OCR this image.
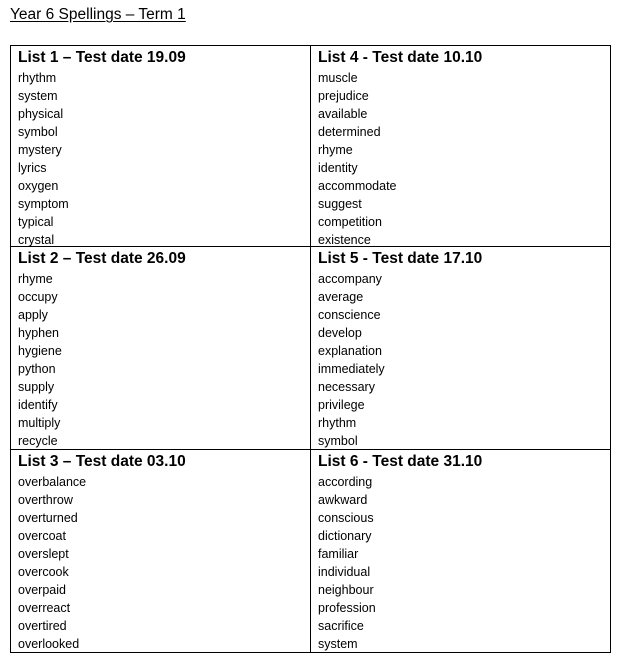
Year 6 Spellings – Term 1
List 1 – Test date 19.09
rhythm
system
physical
symbol
mystery
lyrics
oxygen
symptom
typical
crystal
List 4 - Test date 10.10
muscle
prejudice
available
determined
rhyme
identity
accommodate
suggest
competition
existence
List 2 – Test date 26.09
rhyme
occupy
apply
hyphen
hygiene
python
supply
identify
multiply
recycle
List 5 - Test date 17.10
accompany
average
conscience
develop
explanation
immediately
necessary
privilege
rhythm
symbol
List 3 – Test date 03.10
overbalance
overthrow
overturned
overcoat
overslept
overcook
overpaid
overreact
overtired
overlooked
List 6 - Test date 31.10
according
awkward
conscious
dictionary
familiar
individual
neighbour
profession
sacrifice
system
